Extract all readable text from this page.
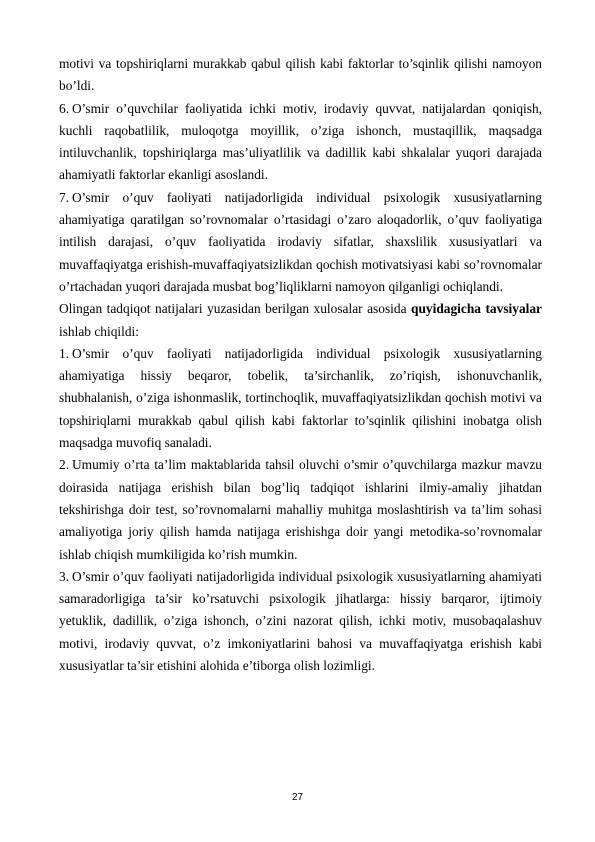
motivi va topshiriqlarni murakkab qabul qilish kabi faktorlar to’sqinlik qilishi namoyon bo’ldi.

6. O’smir o’quvchilar faoliyatida ichki motiv, irodaviy quvvat, natijalardan qoniqish, kuchli raqobatlilik, muloqotga moyillik, o’ziga ishonch, mustaqillik, maqsadga intiluvchanlik, topshiriqlarga mas’uliyatlilik va dadillik kabi shkalalar yuqori darajada ahamiyatli faktorlar ekanligi asoslandi.

7. O’smir o’quv faoliyati natijadorligida individual psixologik xususiyatlarning ahamiyatiga qaratilgan so’rovnomalar o’rtasidagi o’zaro aloqadorlik, o’quv faoliyatiga intilish darajasi, o’quv faoliyatida irodaviy sifatlar, shaxslilik xususiyatlari va muvaffaqiyatga erishish-muvaffaqiyatsizlikdan qochish motivatsiyasi kabi so’rovnomalar o’rtachadan yuqori darajada musbat bog’liqliklarni namoyon qilganligi ochiqlandi.

Olingan tadqiqot natijalari yuzasidan berilgan xulosalar asosida quyidagicha tavsiyalar ishlab chiqildi:

1. O’smir o’quv faoliyati natijadorligida individual psixologik xususiyatlarning ahamiyatiga hissiy beqaror, tobelik, ta’sirchanlik, zo’riqish, ishonuvchanlik, shubhalanish, o’ziga ishonmaslik, tortinchoqlik, muvaffaqiyatsizlikdan qochish motivi va topshiriqlarni murakkab qabul qilish kabi faktorlar to’sqinlik qilishini inobatga olish maqsadga muvofiq sanaladi.

2. Umumiy o’rta ta’lim maktablarida tahsil oluvchi o’smir o’quvchilarga mazkur mavzu doirasida natijaga erishish bilan bog’liq tadqiqot ishlarini ilmiy-amaliy jihatdan tekshirishga doir test, so’rovnomalarni mahalliy muhitga moslashtirish va ta’lim sohasi amaliyotiga joriy qilish hamda natijaga erishishga doir yangi metodika-so’rovnomalar ishlab chiqish mumkiligida ko’rish mumkin.

3. O’smir o’quv faoliyati natijadorligida individual psixologik xususiyatlarning ahamiyati samaradorligiga ta’sir ko’rsatuvchi psixologik jihatlarga: hissiy barqaror, ijtimoiy yetuklik, dadillik, o’ziga ishonch, o’zini nazorat qilish, ichki motiv, musobaqalashuv motivi, irodaviy quvvat, o’z imkoniyatlarini bahosi va muvaffaqiyatga erishish kabi xususiyatlar ta’sir etishini alohida e’tiborga olish lozimligi.

27
